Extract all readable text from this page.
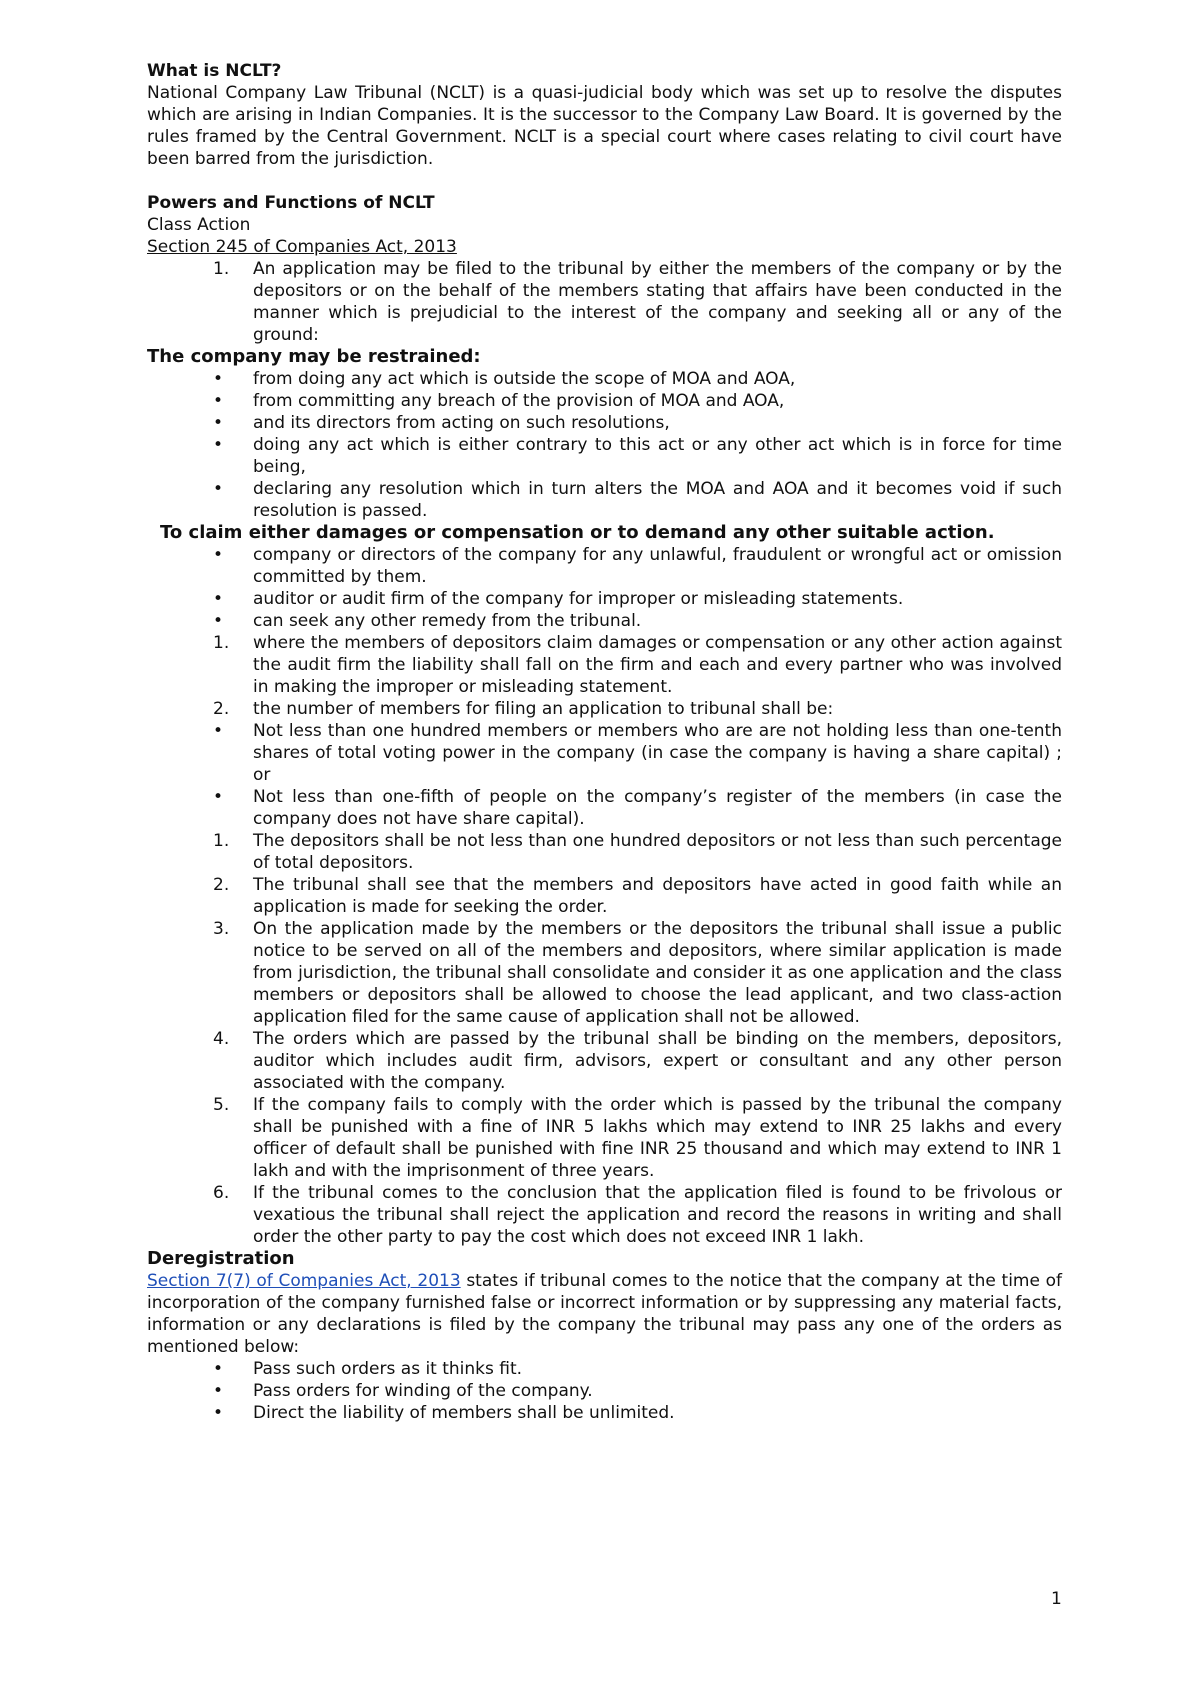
What is NCLT?
National Company Law Tribunal (NCLT) is a quasi-judicial body which was set up to resolve the disputes which are arising in Indian Companies. It is the successor to the Company Law Board. It is governed by the rules framed by the Central Government. NCLT is a special court where cases relating to civil court have been barred from the jurisdiction.
Powers and Functions of NCLT
Class Action
Section 245 of Companies Act, 2013
1. An application may be filed to the tribunal by either the members of the company or by the depositors or on the behalf of the members stating that affairs have been conducted in the manner which is prejudicial to the interest of the company and seeking all or any of the ground:
The company may be restrained:
• from doing any act which is outside the scope of MOA and AOA,
• from committing any breach of the provision of MOA and AOA,
• and its directors from acting on such resolutions,
• doing any act which is either contrary to this act or any other act which is in force for time being,
• declaring any resolution which in turn alters the MOA and AOA and it becomes void if such resolution is passed.
To claim either damages or compensation or to demand any other suitable action.
• company or directors of the company for any unlawful, fraudulent or wrongful act or omission committed by them.
• auditor or audit firm of the company for improper or misleading statements.
• can seek any other remedy from the tribunal.
1. where the members of depositors claim damages or compensation or any other action against the audit firm the liability shall fall on the firm and each and every partner who was involved in making the improper or misleading statement.
2. the number of members for filing an application to tribunal shall be:
• Not less than one hundred members or members who are are not holding less than one-tenth shares of total voting power in the company (in case the company is having a share capital) ; or
• Not less than one-fifth of people on the company’s register of the members (in case the company does not have share capital).
1. The depositors shall be not less than one hundred depositors or not less than such percentage of total depositors.
2. The tribunal shall see that the members and depositors have acted in good faith while an application is made for seeking the order.
3. On the application made by the members or the depositors the tribunal shall issue a public notice to be served on all of the members and depositors, where similar application is made from jurisdiction, the tribunal shall consolidate and consider it as one application and the class members or depositors shall be allowed to choose the lead applicant, and two class-action application filed for the same cause of application shall not be allowed.
4. The orders which are passed by the tribunal shall be binding on the members, depositors, auditor which includes audit firm, advisors, expert or consultant and any other person associated with the company.
5. If the company fails to comply with the order which is passed by the tribunal the company shall be punished with a fine of INR 5 lakhs which may extend to INR 25 lakhs and every officer of default shall be punished with fine INR 25 thousand and which may extend to INR 1 lakh and with the imprisonment of three years.
6. If the tribunal comes to the conclusion that the application filed is found to be frivolous or vexatious the tribunal shall reject the application and record the reasons in writing and shall order the other party to pay the cost which does not exceed INR 1 lakh.
Deregistration
Section 7(7) of Companies Act, 2013 states if tribunal comes to the notice that the company at the time of incorporation of the company furnished false or incorrect information or by suppressing any material facts, information or any declarations is filed by the company the tribunal may pass any one of the orders as mentioned below:
• Pass such orders as it thinks fit.
• Pass orders for winding of the company.
• Direct the liability of members shall be unlimited.
1
